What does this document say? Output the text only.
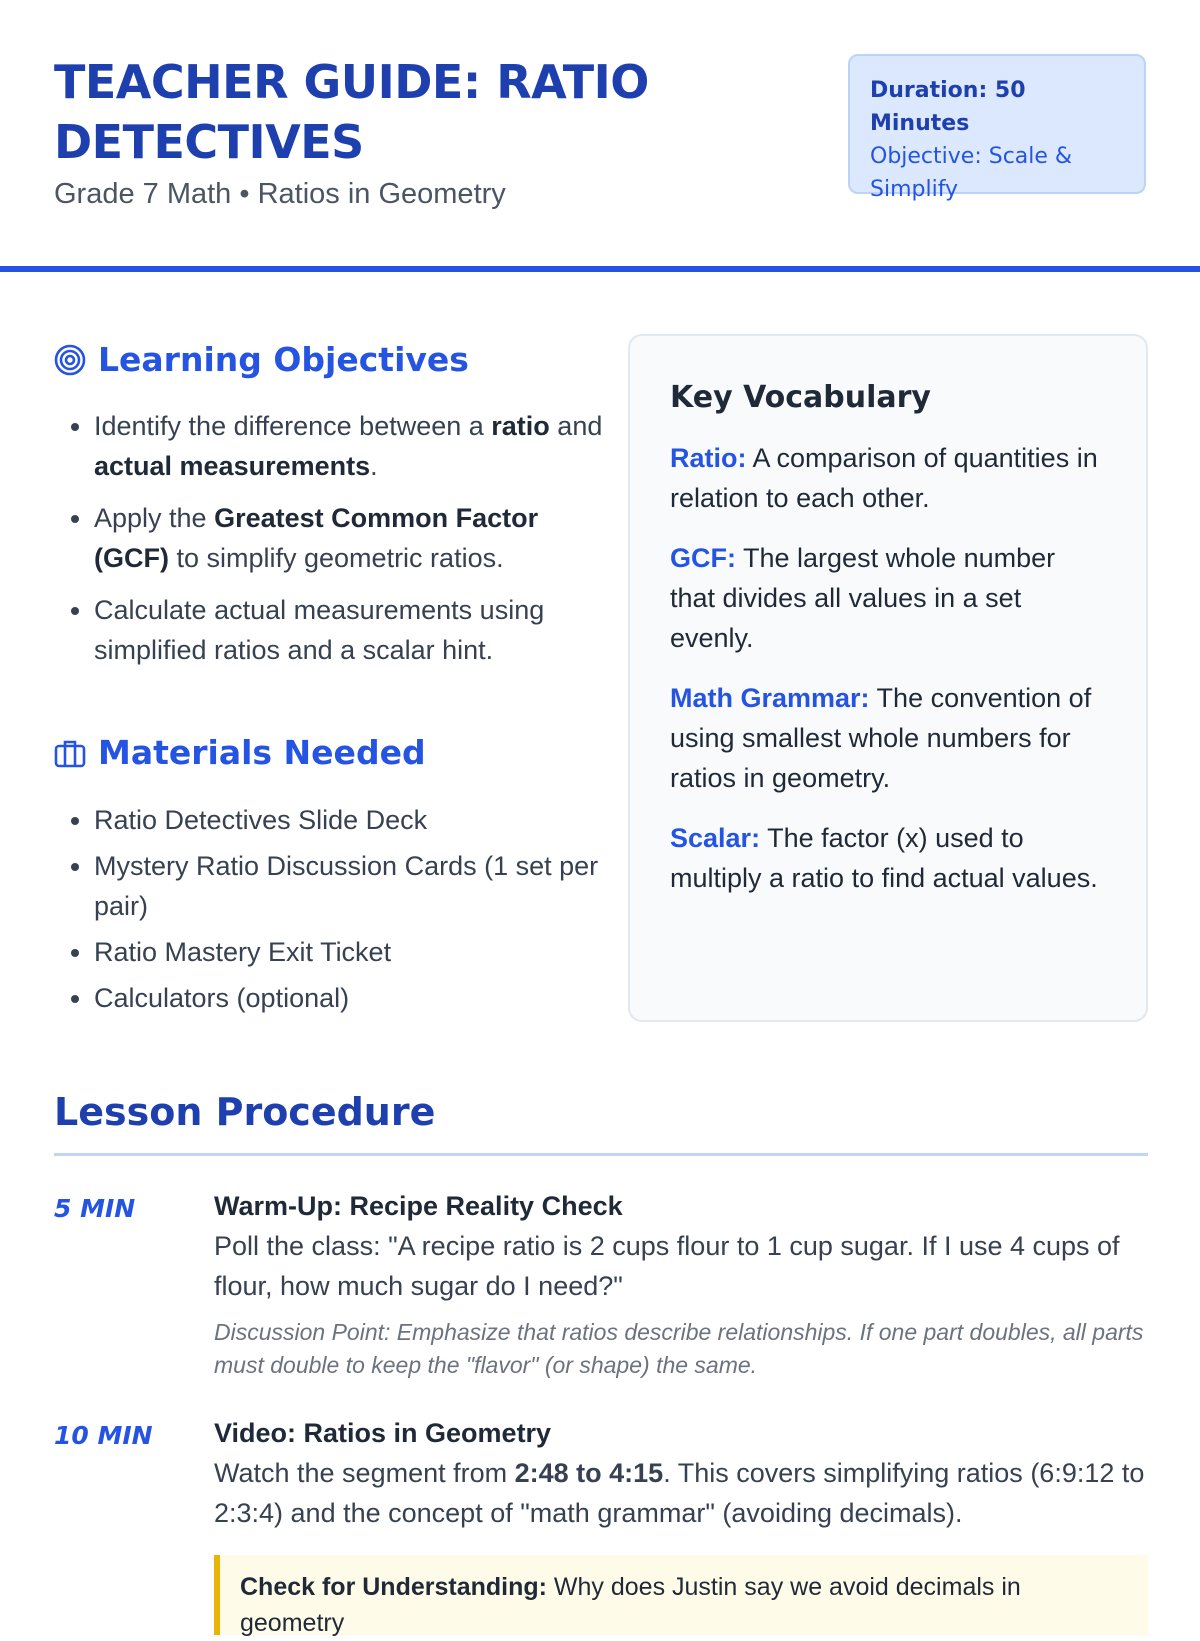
TEACHER GUIDE: RATIO DETECTIVES
Grade 7 Math • Ratios in Geometry
Duration: 50 Minutes
Objective: Scale & Simplify
Learning Objectives
• Identify the difference between a ratio and actual measurements.
• Apply the Greatest Common Factor (GCF) to simplify geometric ratios.
• Calculate actual measurements using simplified ratios and a scalar hint.
Materials Needed
• Ratio Detectives Slide Deck
• Mystery Ratio Discussion Cards (1 set per pair)
• Ratio Mastery Exit Ticket
• Calculators (optional)
Key Vocabulary

Ratio: A comparison of quantities in relation to each other.

GCF: The largest whole number that divides all values in a set evenly.

Math Grammar: The convention of using smallest whole numbers for ratios in geometry.

Scalar: The factor (x) used to multiply a ratio to find actual values.

Lesson Procedure
5 MIN	Warm-Up: Recipe Reality Check
Poll the class: "A recipe ratio is 2 cups flour to 1 cup sugar. If I use 4 cups of flour, how much sugar do I need?"
Discussion Point: Emphasize that ratios describe relationships. If one part doubles, all parts must double to keep the "flavor" (or shape) the same.
10 MIN Video: Ratios in Geometry
Watch the segment from 2:48 to 4:15. This covers simplifying ratios (6:9:12 to 2:3:4) and the concept of "math grammar" (avoiding decimals).
Check for Understanding: Why does Justin say we avoid decimals in geometry
